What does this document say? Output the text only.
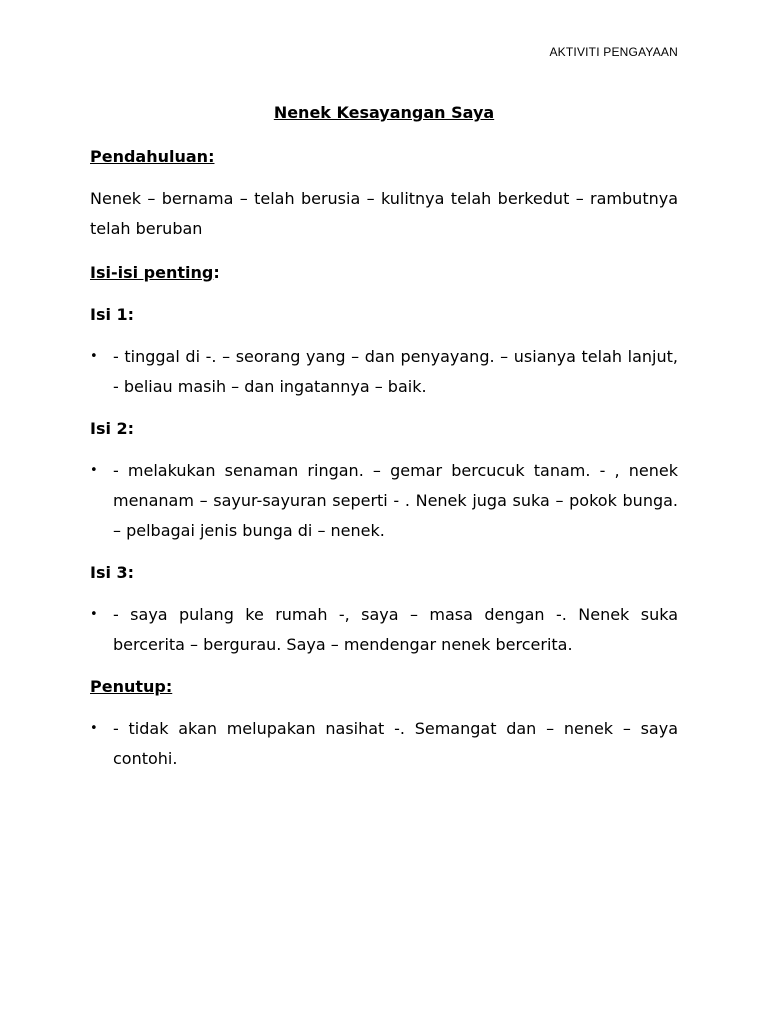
AKTIVITI PENGAYAAN
Nenek Kesayangan Saya
Pendahuluan:
Nenek – bernama – telah berusia – kulitnya telah berkedut – rambutnya telah beruban
Isi-isi penting:
Isi 1:
• - tinggal di -. – seorang yang – dan penyayang. – usianya telah lanjut, - beliau masih – dan ingatannya – baik.
Isi 2:
• - melakukan senaman ringan. – gemar bercucuk tanam. - , nenek menanam – sayur-sayuran seperti - . Nenek juga suka – pokok bunga. – pelbagai jenis bunga di – nenek.
Isi 3:
• - saya pulang ke rumah -, saya – masa dengan -. Nenek suka bercerita – bergurau. Saya – mendengar nenek bercerita.
Penutup:
• - tidak akan melupakan nasihat -. Semangat dan – nenek – saya contohi.
